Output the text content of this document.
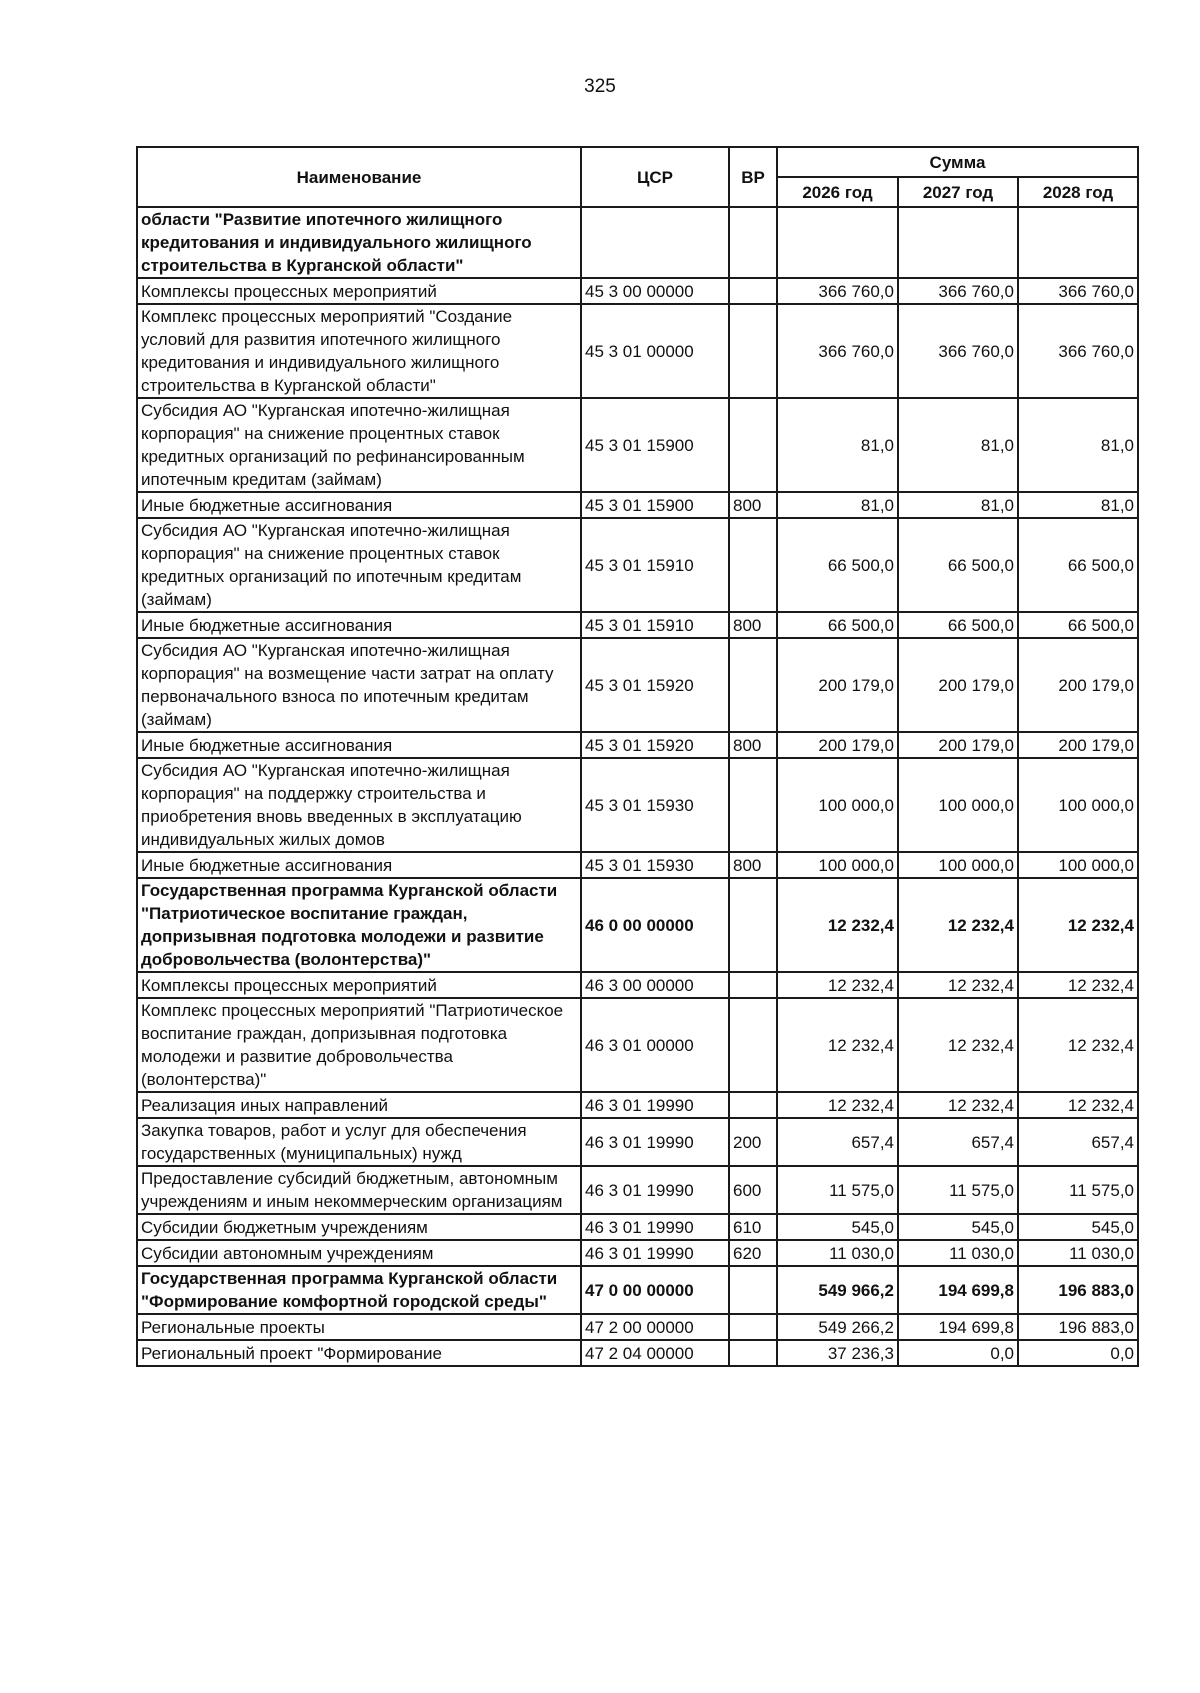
325
Наименование	ЦСР	ВР	Сумма		
			2026 год	2027 год	2028 год
области "Развитие ипотечного жилищного кредитования и индивидуального жилищного строительства в Курганской области"					
Комплексы процессных мероприятий	45 3 00 00000		366 760,0	366 760,0	366 760,0
Комплекс процессных мероприятий "Создание условий для развития ипотечного жилищного кредитования и индивидуального жилищного строительства в Курганской области"	45 3 01 00000		366 760,0	366 760,0	366 760,0
Субсидия АО "Курганская ипотечно-жилищная корпорация" на снижение процентных ставок кредитных организаций по рефинансированным ипотечным кредитам (займам)	45 3 01 15900		81,0	81,0	81,0
Иные бюджетные ассигнования	45 3 01 15900	800	81,0	81,0	81,0
Субсидия АО "Курганская ипотечно-жилищная корпорация" на снижение процентных ставок кредитных организаций по ипотечным кредитам (займам)	45 3 01 15910		66 500,0	66 500,0	66 500,0
Иные бюджетные ассигнования	45 3 01 15910	800	66 500,0	66 500,0	66 500,0
Субсидия АО "Курганская ипотечно-жилищная корпорация" на возмещение части затрат на оплату первоначального взноса по ипотечным кредитам (займам)	45 3 01 15920		200 179,0	200 179,0	200 179,0
Иные бюджетные ассигнования	45 3 01 15920	800	200 179,0	200 179,0	200 179,0
Субсидия АО "Курганская ипотечно-жилищная корпорация" на поддержку строительства и приобретения вновь введенных в эксплуатацию индивидуальных жилых домов	45 3 01 15930		100 000,0	100 000,0	100 000,0
Иные бюджетные ассигнования	45 3 01 15930	800	100 000,0	100 000,0	100 000,0
Государственная программа Курганской области "Патриотическое воспитание граждан, допризывная подготовка молодежи и развитие добровольчества (волонтерства)"	46 0 00 00000		12 232,4	12 232,4	12 232,4
Комплексы процессных мероприятий	46 3 00 00000		12 232,4	12 232,4	12 232,4
Комплекс процессных мероприятий "Патриотическое воспитание граждан, допризывная подготовка молодежи и развитие добровольчества (волонтерства)"	46 3 01 00000		12 232,4	12 232,4	12 232,4
Реализация иных направлений	46 3 01 19990		12 232,4	12 232,4	12 232,4
Закупка товаров, работ и услуг для обеспечения государственных (муниципальных) нужд	46 3 01 19990	200	657,4	657,4	657,4
Предоставление субсидий бюджетным, автономным учреждениям и иным некоммерческим организациям	46 3 01 19990	600	11 575,0	11 575,0	11 575,0
Субсидии бюджетным учреждениям	46 3 01 19990	610	545,0	545,0	545,0
Субсидии автономным учреждениям	46 3 01 19990	620	11 030,0	11 030,0	11 030,0
Государственная программа Курганской области "Формирование комфортной городской среды"	47 0 00 00000		549 966,2	194 699,8	196 883,0
Региональные проекты	47 2 00 00000		549 266,2	194 699,8	196 883,0
Региональный проект "Формирование	47 2 04 00000		37 236,3	0,0	0,0
